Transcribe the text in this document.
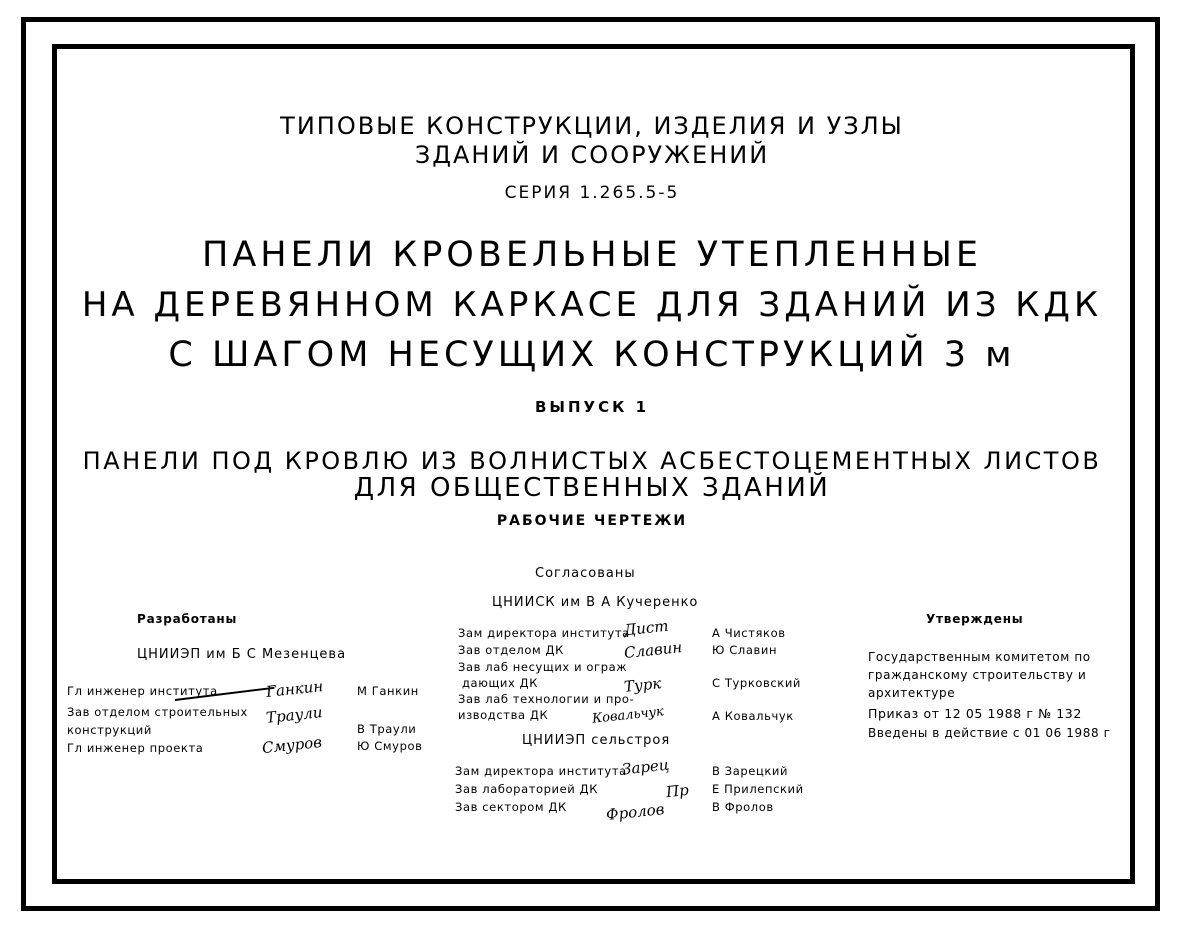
ТИПОВЫЕ КОНСТРУКЦИИ, ИЗДЕЛИЯ И УЗЛЫ
ЗДАНИЙ И СООРУЖЕНИЙ
СЕРИЯ 1.265.5-5
ПАНЕЛИ КРОВЕЛЬНЫЕ УТЕПЛЕННЫЕ
НА ДЕРЕВЯННОМ КАРКАСЕ ДЛЯ ЗДАНИЙ ИЗ КДК
С ШАГОМ НЕСУЩИХ КОНСТРУКЦИЙ 3 м
ВЫПУСК 1
ПАНЕЛИ ПОД КРОВЛЮ ИЗ ВОЛНИСТЫХ АСБЕСТОЦЕМЕНТНЫХ ЛИСТОВ
ДЛЯ ОБЩЕСТВЕННЫХ ЗДАНИЙ
РАБОЧИЕ ЧЕРТЕЖИ
Разработаны
ЦНИИЭП им Б С Мезенцева
Гл инженер института
Зав отделом строительных
конструкций
Гл инженер проекта
Ганкин
Траули
Смуров
М Ганкин
В Траули
Ю Смуров
Согласованы
ЦНИИСК им В А Кучеренко
Зам директора института
Зав отделом ДК
Зав лаб несущих и ограж
дающих ДК
Зав лаб технологии и про-
изводства ДК
Дист
Славин
Турк
Ковальчук
А Чистяков
Ю Славин
С Турковский
А Ковальчук
ЦНИИЭП сельстроя
Зам директора института
Зав лабораторией ДК
Зав сектором ДК
Зарец
Пр
Фролов
В Зарецкий
Е Прилепский
В Фролов
Утверждены
Государственным комитетом по
гражданскому строительству и
архитектуре
Приказ от 12 05 1988 г № 132
Введены в действие с 01 06 1988 г
